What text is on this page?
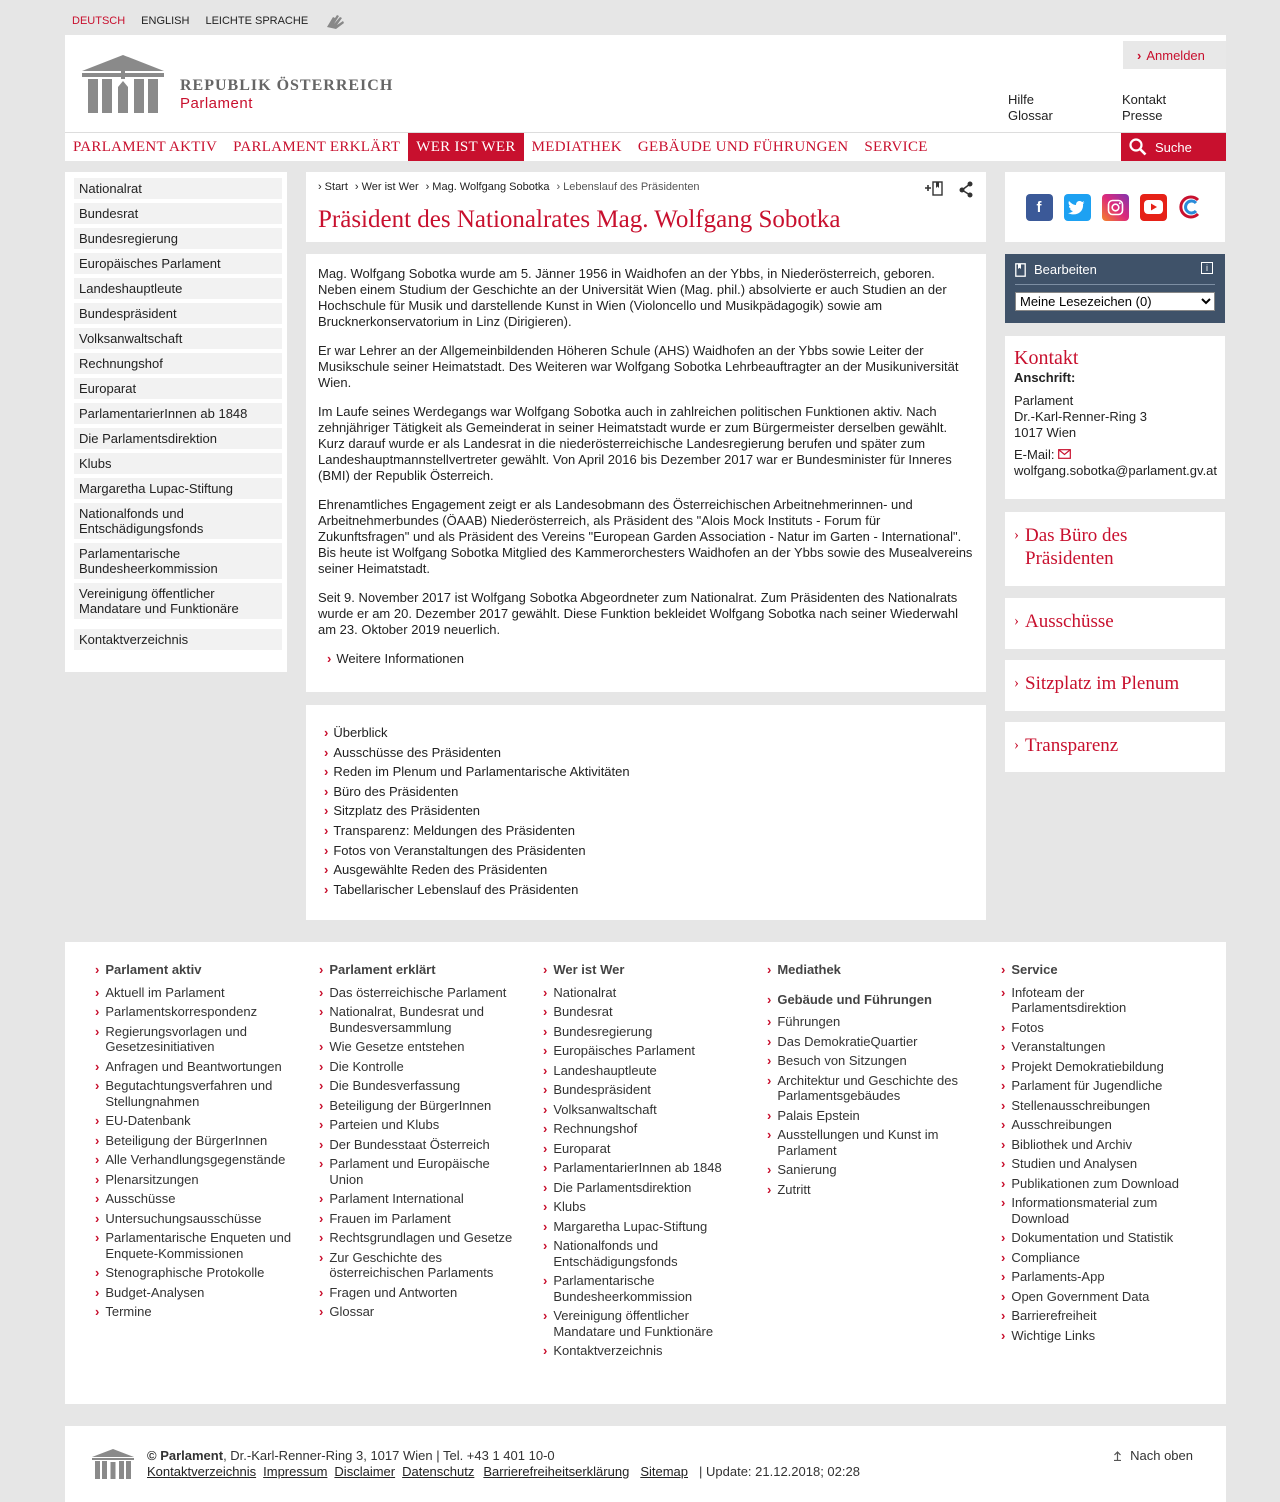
DEUTSCH ENGLISH LEICHTE SPRACHE
REPUBLIK ÖSTERREICH
Parlament
› Anmelden
Hilfe	Kontakt
Glossar	Presse
PARLAMENT AKTIV	PARLAMENT ERKLÄRT	WER IST WER	MEDIATHEK	GEBÄUDE UND FÜHRUNGEN	SERVICE	Suche
Nationalrat
Bundesrat
Bundesregierung
Europäisches Parlament
Landeshauptleute
Bundespräsident
Volksanwaltschaft
Rechnungshof
Europarat
ParlamentarierInnen ab 1848
Die Parlamentsdirektion
Klubs
Margaretha Lupac-Stiftung
Nationalfonds und Entschädigungsfonds
Parlamentarische Bundesheerkommission
Vereinigung öffentlicher Mandatare und Funktionäre
Kontaktverzeichnis
› Start	› Wer ist Wer	› Mag. Wolfgang Sobotka	› Lebenslauf des Präsidenten
Präsident des Nationalrates Mag. Wolfgang Sobotka

Mag. Wolfgang Sobotka wurde am 5. Jänner 1956 in Waidhofen an der Ybbs, in Niederösterreich, geboren. Neben einem Studium der Geschichte an der Universität Wien (Mag. phil.) absolvierte er auch Studien an der Hochschule für Musik und darstellende Kunst in Wien (Violoncello und Musikpädagogik) sowie am Brucknerkonservatorium in Linz (Dirigieren).

Er war Lehrer an der Allgemeinbildenden Höheren Schule (AHS) Waidhofen an der Ybbs sowie Leiter der Musikschule seiner Heimatstadt. Des Weiteren war Wolfgang Sobotka Lehrbeauftragter an der Musikuniversität Wien.

Im Laufe seines Werdegangs war Wolfgang Sobotka auch in zahlreichen politischen Funktionen aktiv. Nach zehnjähriger Tätigkeit als Gemeinderat in seiner Heimatstadt wurde er zum Bürgermeister derselben gewählt. Kurz darauf wurde er als Landesrat in die niederösterreichische Landesregierung berufen und später zum Landeshauptmannstellvertreter gewählt. Von April 2016 bis Dezember 2017 war er Bundesminister für Inneres (BMI) der Republik Österreich.

Ehrenamtliches Engagement zeigt er als Landesobmann des Österreichischen Arbeitnehmerinnen- und Arbeitnehmerbundes (ÖAAB) Niederösterreich, als Präsident des "Alois Mock Instituts - Forum für Zukunftsfragen" und als Präsident des Vereins "European Garden Association - Natur im Garten - International". Bis heute ist Wolfgang Sobotka Mitglied des Kammerorchesters Waidhofen an der Ybbs sowie des Musealvereins seiner Heimatstadt.

Seit 9. November 2017 ist Wolfgang Sobotka Abgeordneter zum Nationalrat. Zum Präsidenten des Nationalrats wurde er am 20. Dezember 2017 gewählt. Diese Funktion bekleidet Wolfgang Sobotka nach seiner Wiederwahl am 23. Oktober 2019 neuerlich.

› Weitere Informationen
› Überblick
› Ausschüsse des Präsidenten
› Reden im Plenum und Parlamentarische Aktivitäten
› Büro des Präsidenten
› Sitzplatz des Präsidenten
› Transparenz: Meldungen des Präsidenten
› Fotos von Veranstaltungen des Präsidenten
› Ausgewählte Reden des Präsidenten
› Tabellarischer Lebenslauf des Präsidenten
f
Bearbeiten	i
Meine Lesezeichen (0)
Kontakt
Anschrift:
Parlament
Dr.-Karl-Renner-Ring 3
1017 Wien
E-Mail:
wolfgang.sobotka@parlament.gv.at
› Das Büro des Präsidenten
› Ausschüsse
› Sitzplatz im Plenum
› Transparenz
› Parlament aktiv
› Aktuell im Parlament
› Parlamentskorrespondenz
› Regierungsvorlagen und Gesetzesinitiativen
› Anfragen und Beantwortungen
› Begutachtungsverfahren und Stellungnahmen
› EU-Datenbank
› Beteiligung der BürgerInnen
› Alle Verhandlungsgegenstände
› Plenarsitzungen
› Ausschüsse
› Untersuchungsausschüsse
› Parlamentarische Enqueten und Enquete-Kommissionen
› Stenographische Protokolle
› Budget-Analysen
› Termine
› Parlament erklärt
› Das österreichische Parlament
› Nationalrat, Bundesrat und Bundesversammlung
› Wie Gesetze entstehen
› Die Kontrolle
› Die Bundesverfassung
› Beteiligung der BürgerInnen
› Parteien und Klubs
› Der Bundesstaat Österreich
› Parlament und Europäische Union
› Parlament International
› Frauen im Parlament
› Rechtsgrundlagen und Gesetze
› Zur Geschichte des österreichischen Parlaments
› Fragen und Antworten
› Glossar
› Wer ist Wer
› Nationalrat
› Bundesrat
› Bundesregierung
› Europäisches Parlament
› Landeshauptleute
› Bundespräsident
› Volksanwaltschaft
› Rechnungshof
› Europarat
› ParlamentarierInnen ab 1848
› Die Parlamentsdirektion
› Klubs
› Margaretha Lupac-Stiftung
› Nationalfonds und Entschädigungsfonds
› Parlamentarische Bundesheerkommission
› Vereinigung öffentlicher Mandatare und Funktionäre
› Kontaktverzeichnis
› Mediathek
› Gebäude und Führungen
› Führungen
› Das DemokratieQuartier
› Besuch von Sitzungen
› Architektur und Geschichte des Parlamentsgebäudes
› Palais Epstein
› Ausstellungen und Kunst im Parlament
› Sanierung
› Zutritt
› Service
› Infoteam der Parlamentsdirektion
› Fotos
› Veranstaltungen
› Projekt Demokratiebildung
› Parlament für Jugendliche
› Stellenausschreibungen
› Ausschreibungen
› Bibliothek und Archiv
› Studien und Analysen
› Publikationen zum Download
› Informationsmaterial zum Download
› Dokumentation und Statistik
› Compliance
› Parlaments-App
› Open Government Data
› Barrierefreiheit
› Wichtige Links
© Parlament, Dr.-Karl-Renner-Ring 3, 1017 Wien | Tel. +43 1 401 10-0
Kontaktverzeichnis Impressum Disclaimer Datenschutz Barrierefreiheitserklärung Sitemap | Update: 21.12.2018; 02:28
Nach oben
